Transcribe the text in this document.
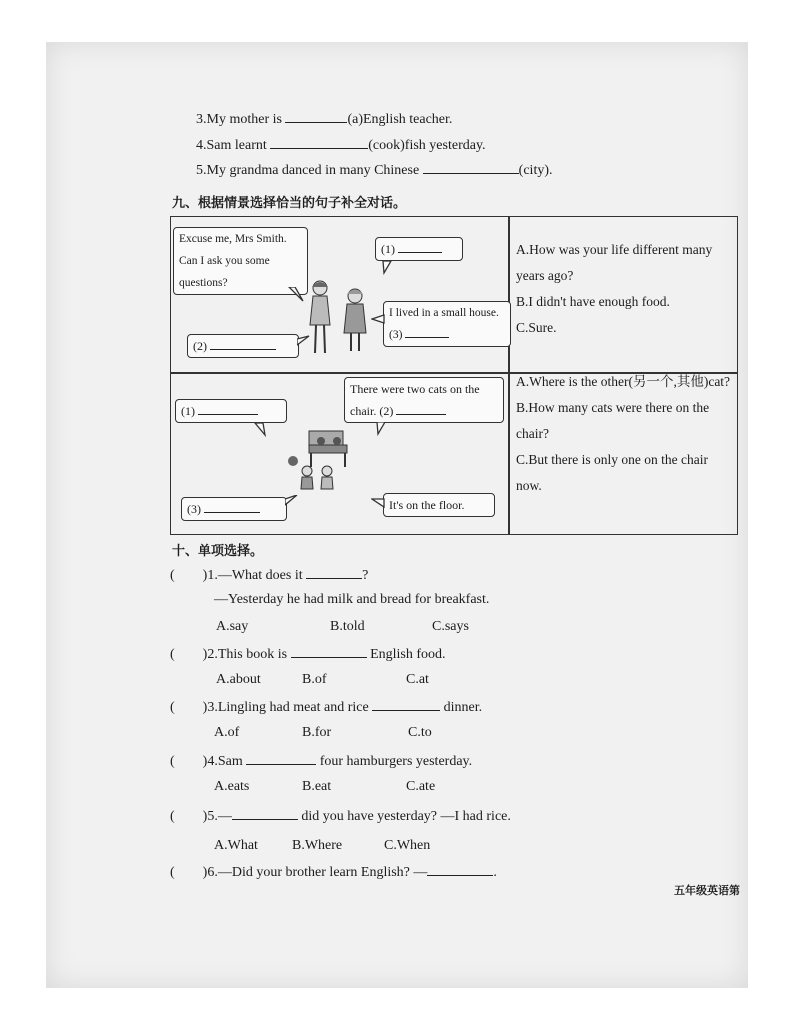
3.My mother is	(a)English teacher.
4.Sam learnt	(cook)fish yesterday.
5.My grandma danced in many Chinese	(city).
九、根据情景选择恰当的句子补全对话。
Excuse me, Mrs Smith. Can I ask you some questions?
(1)
I lived in a small house. (3)
(2)
A.How was your life different many years ago?
B.I didn't have enough food.
C.Sure.
There were two cats on the chair. (2)
(1)
(3)	It's on the floor.
A.Where is the other(另一个,其他)cat?
B.How many cats were there on the chair?
C.But there is only one on the chair now.
十、单项选择。
(        )1.—What does it	?
—Yesterday he had milk and bread for breakfast.
A.say	B.told	C.says
(        )2.This book is	English food.
A.about	B.of	C.at
(        )3.Lingling had meat and rice	dinner.
A.of	B.for	C.to
(        )4.Sam	four hamburgers yesterday.
A.eats	B.eat	C.ate
(        )5.—	did you have yesterday? —I had rice.
A.What B.Where	C.When
(        )6.—Did your brother learn English? —	.
五年级英语第
